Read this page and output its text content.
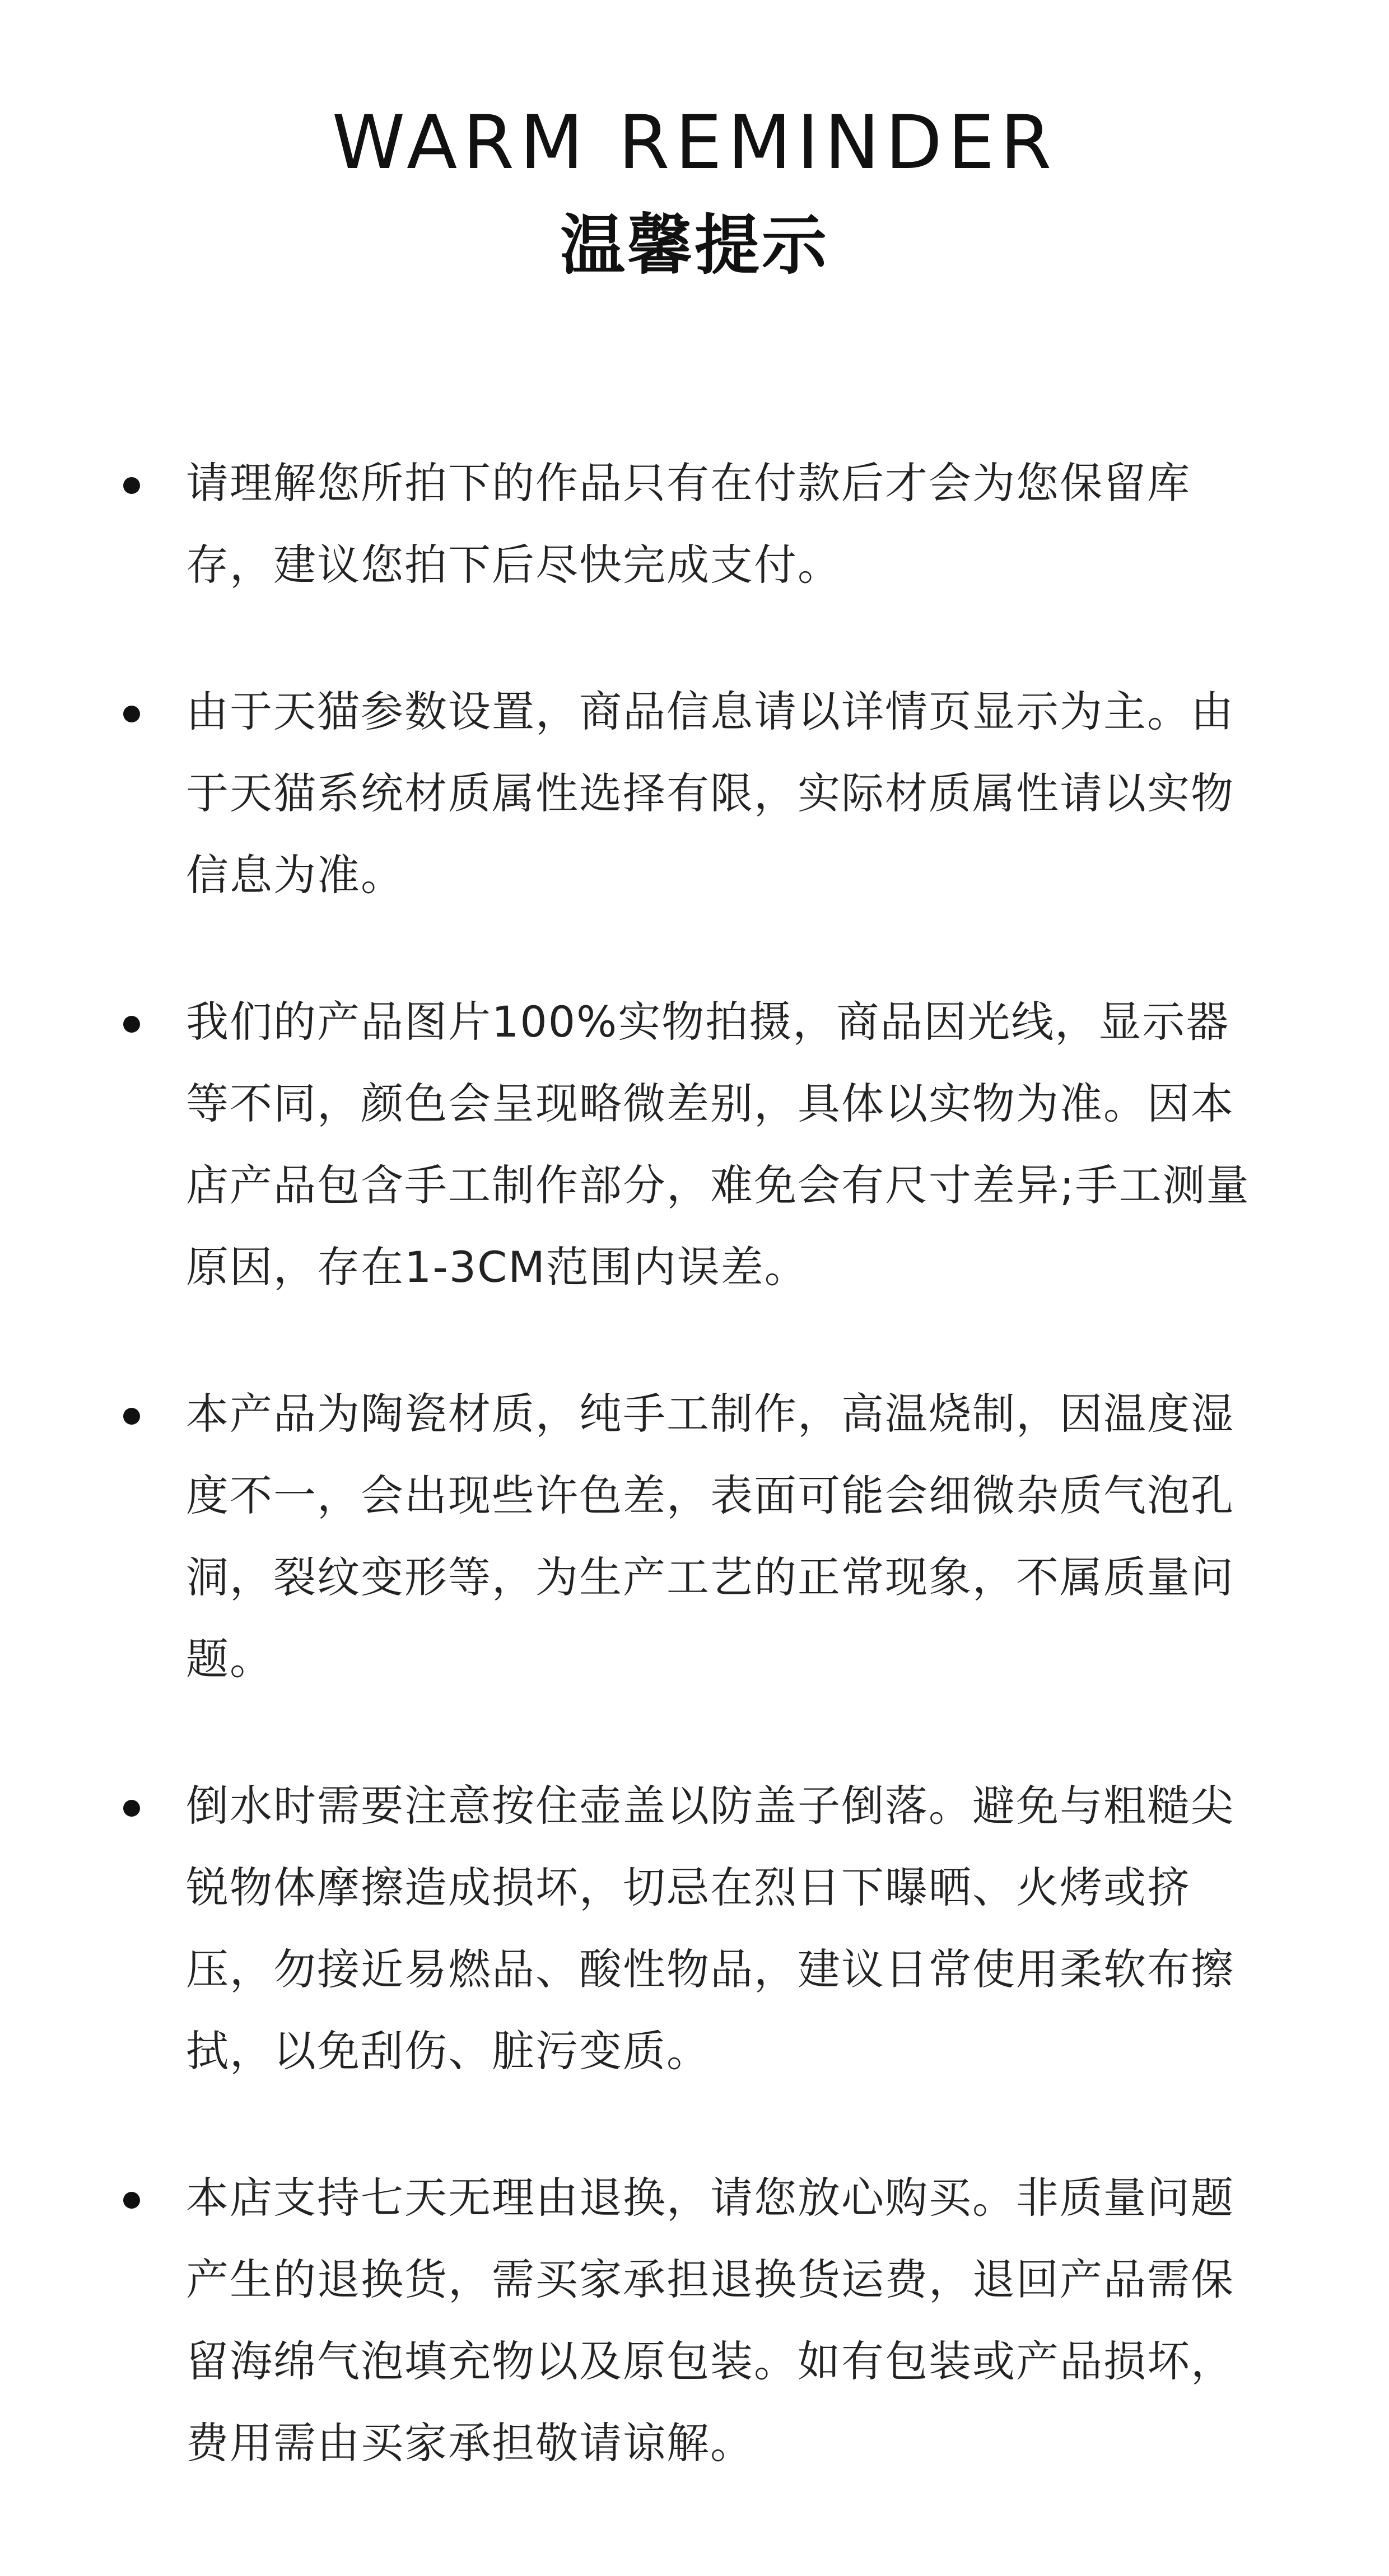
WARM REMINDER
温馨提示
请理解您所拍下的作品只有在付款后才会为您保留库存，建议您拍下后尽快完成支付。
由于天猫参数设置，商品信息请以详情页显示为主。由于天猫系统材质属性选择有限，实际材质属性请以实物信息为准。
我们的产品图片100%实物拍摄，商品因光线，显示器等不同，颜色会呈现略微差别，具体以实物为准。因本店产品包含手工制作部分，难免会有尺寸差异;手工测量原因，存在1-3CM范围内误差。
本产品为陶瓷材质，纯手工制作，高温烧制，因温度湿度不一，会出现些许色差，表面可能会细微杂质气泡孔洞，裂纹变形等，为生产工艺的正常现象，不属质量问题。
倒水时需要注意按住壶盖以防盖子倒落。避免与粗糙尖锐物体摩擦造成损坏，切忌在烈日下曝晒、火烤或挤压，勿接近易燃品、酸性物品，建议日常使用柔软布擦拭，以免刮伤、脏污变质。
本店支持七天无理由退换，请您放心购买。非质量问题产生的退换货，需买家承担退换货运费，退回产品需保留海绵气泡填充物以及原包装。如有包装或产品损坏，费用需由买家承担敬请谅解。
